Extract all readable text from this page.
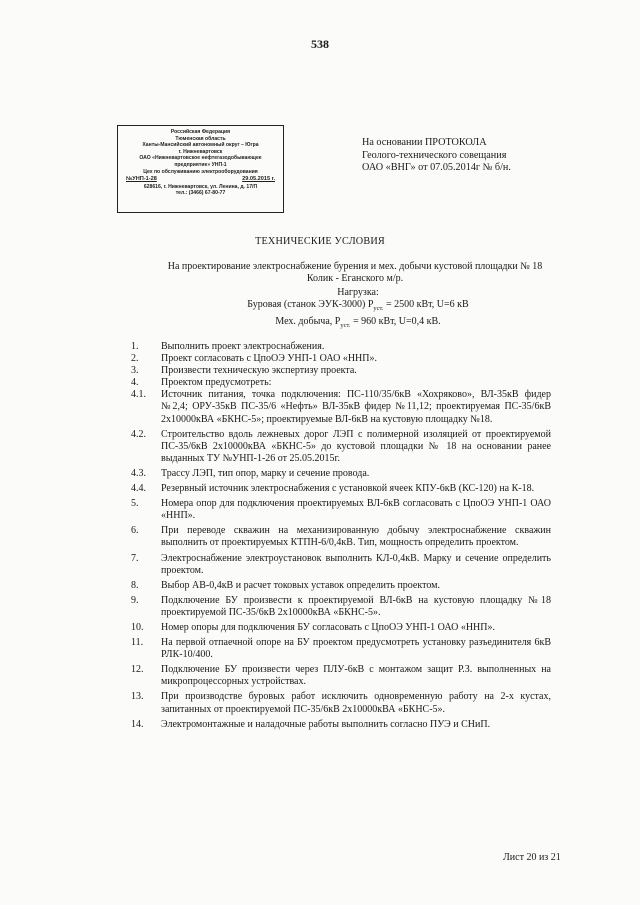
538
Российская Федерация
Тюменская область
Ханты-Мансийский автономный округ – Югра
г. Нижневартовск
ОАО «Нижневартовское нефтегазодобывающее
предприятие» УНП-1
Цех по обслуживанию электрооборудования
№УНП-1-28	29.05.2015 г.
628616, г. Нижневартовск, ул. Ленина, д. 17/П
тел.: (3466) 67-80-77
На основании ПРОТОКОЛА
Геолого-технического совещания
ОАО «ВНГ» от 07.05.2014г № б/н.
ТЕХНИЧЕСКИЕ УСЛОВИЯ
На проектирование электроснабжение бурения и мех. добычи кустовой площадки № 18
Колик - Еганского м/р.
Нагрузка:
Буровая (станок ЭУК-3000) $P_{уст.} = 2500$ кВт, U=6 кВ
Мех. добыча, $P_{уст.} = 960$ кВт, U=0,4 кВ.
1.	Выполнить проект электроснабжения.
2.	Проект согласовать с ЦпоОЭ УНП-1 ОАО «ННП».
3.	Произвести техническую экспертизу проекта.
4.	Проектом предусмотреть:
4.1.	Источник питания, точка подключения: ПС-110/35/6кВ «Хохряково», ВЛ-35кВ фидер №2,4; ОРУ-35кВ ПС-35/6 «Нефть» ВЛ-35кВ фидер №11,12; проектируемая ПС-35/6кВ 2х10000кВА «БКНС-5»; проектируемые ВЛ-6кВ на кустовую площадку №18.
4.2.	Строительство вдоль лежневых дорог ЛЭП с полимерной изоляцией от проектируемой ПС-35/6кВ 2х10000кВА «БКНС-5» до кустовой площадки № 18 на основании ранее выданных ТУ №УНП-1-26 от 25.05.2015г.
4.3.	Трассу ЛЭП, тип опор, марку и сечение провода.
4.4.	Резервный источник электроснабжения с установкой ячеек КПУ-6кВ (КС-120) на К-18.
5.	Номера опор для подключения проектируемых ВЛ-6кВ согласовать с ЦпоОЭ УНП-1 ОАО «ННП».
6.	При переводе скважин на механизированную добычу электроснабжение скважин выполнить от проектируемых КТПН-6/0,4кВ. Тип, мощность определить проектом.
7.	Электроснабжение электроустановок выполнить КЛ-0,4кВ. Марку и сечение определить проектом.
8.	Выбор АВ-0,4кВ и расчет токовых уставок определить проектом.
9.	Подключение БУ произвести к проектируемой ВЛ-6кВ на кустовую площадку №18 проектируемой ПС-35/6кВ 2х10000кВА «БКНС-5».
10.	Номер опоры для подключения БУ согласовать с ЦпоОЭ УНП-1 ОАО «ННП».
11.	На первой отпаечной опоре на БУ проектом предусмотреть установку разъединителя 6кВ РЛК-10/400.
12.	Подключение БУ произвести через ПЛУ-6кВ с монтажом защит Р.З. выполненных на микропроцессорных устройствах.
13.	При производстве буровых работ исключить одновременную работу на 2-х кустах, запитанных от проектируемой ПС-35/6кВ 2х10000кВА «БКНС-5».
14.	Электромонтажные и наладочные работы выполнить согласно ПУЭ и СНиП.
Лист 20 из 21
